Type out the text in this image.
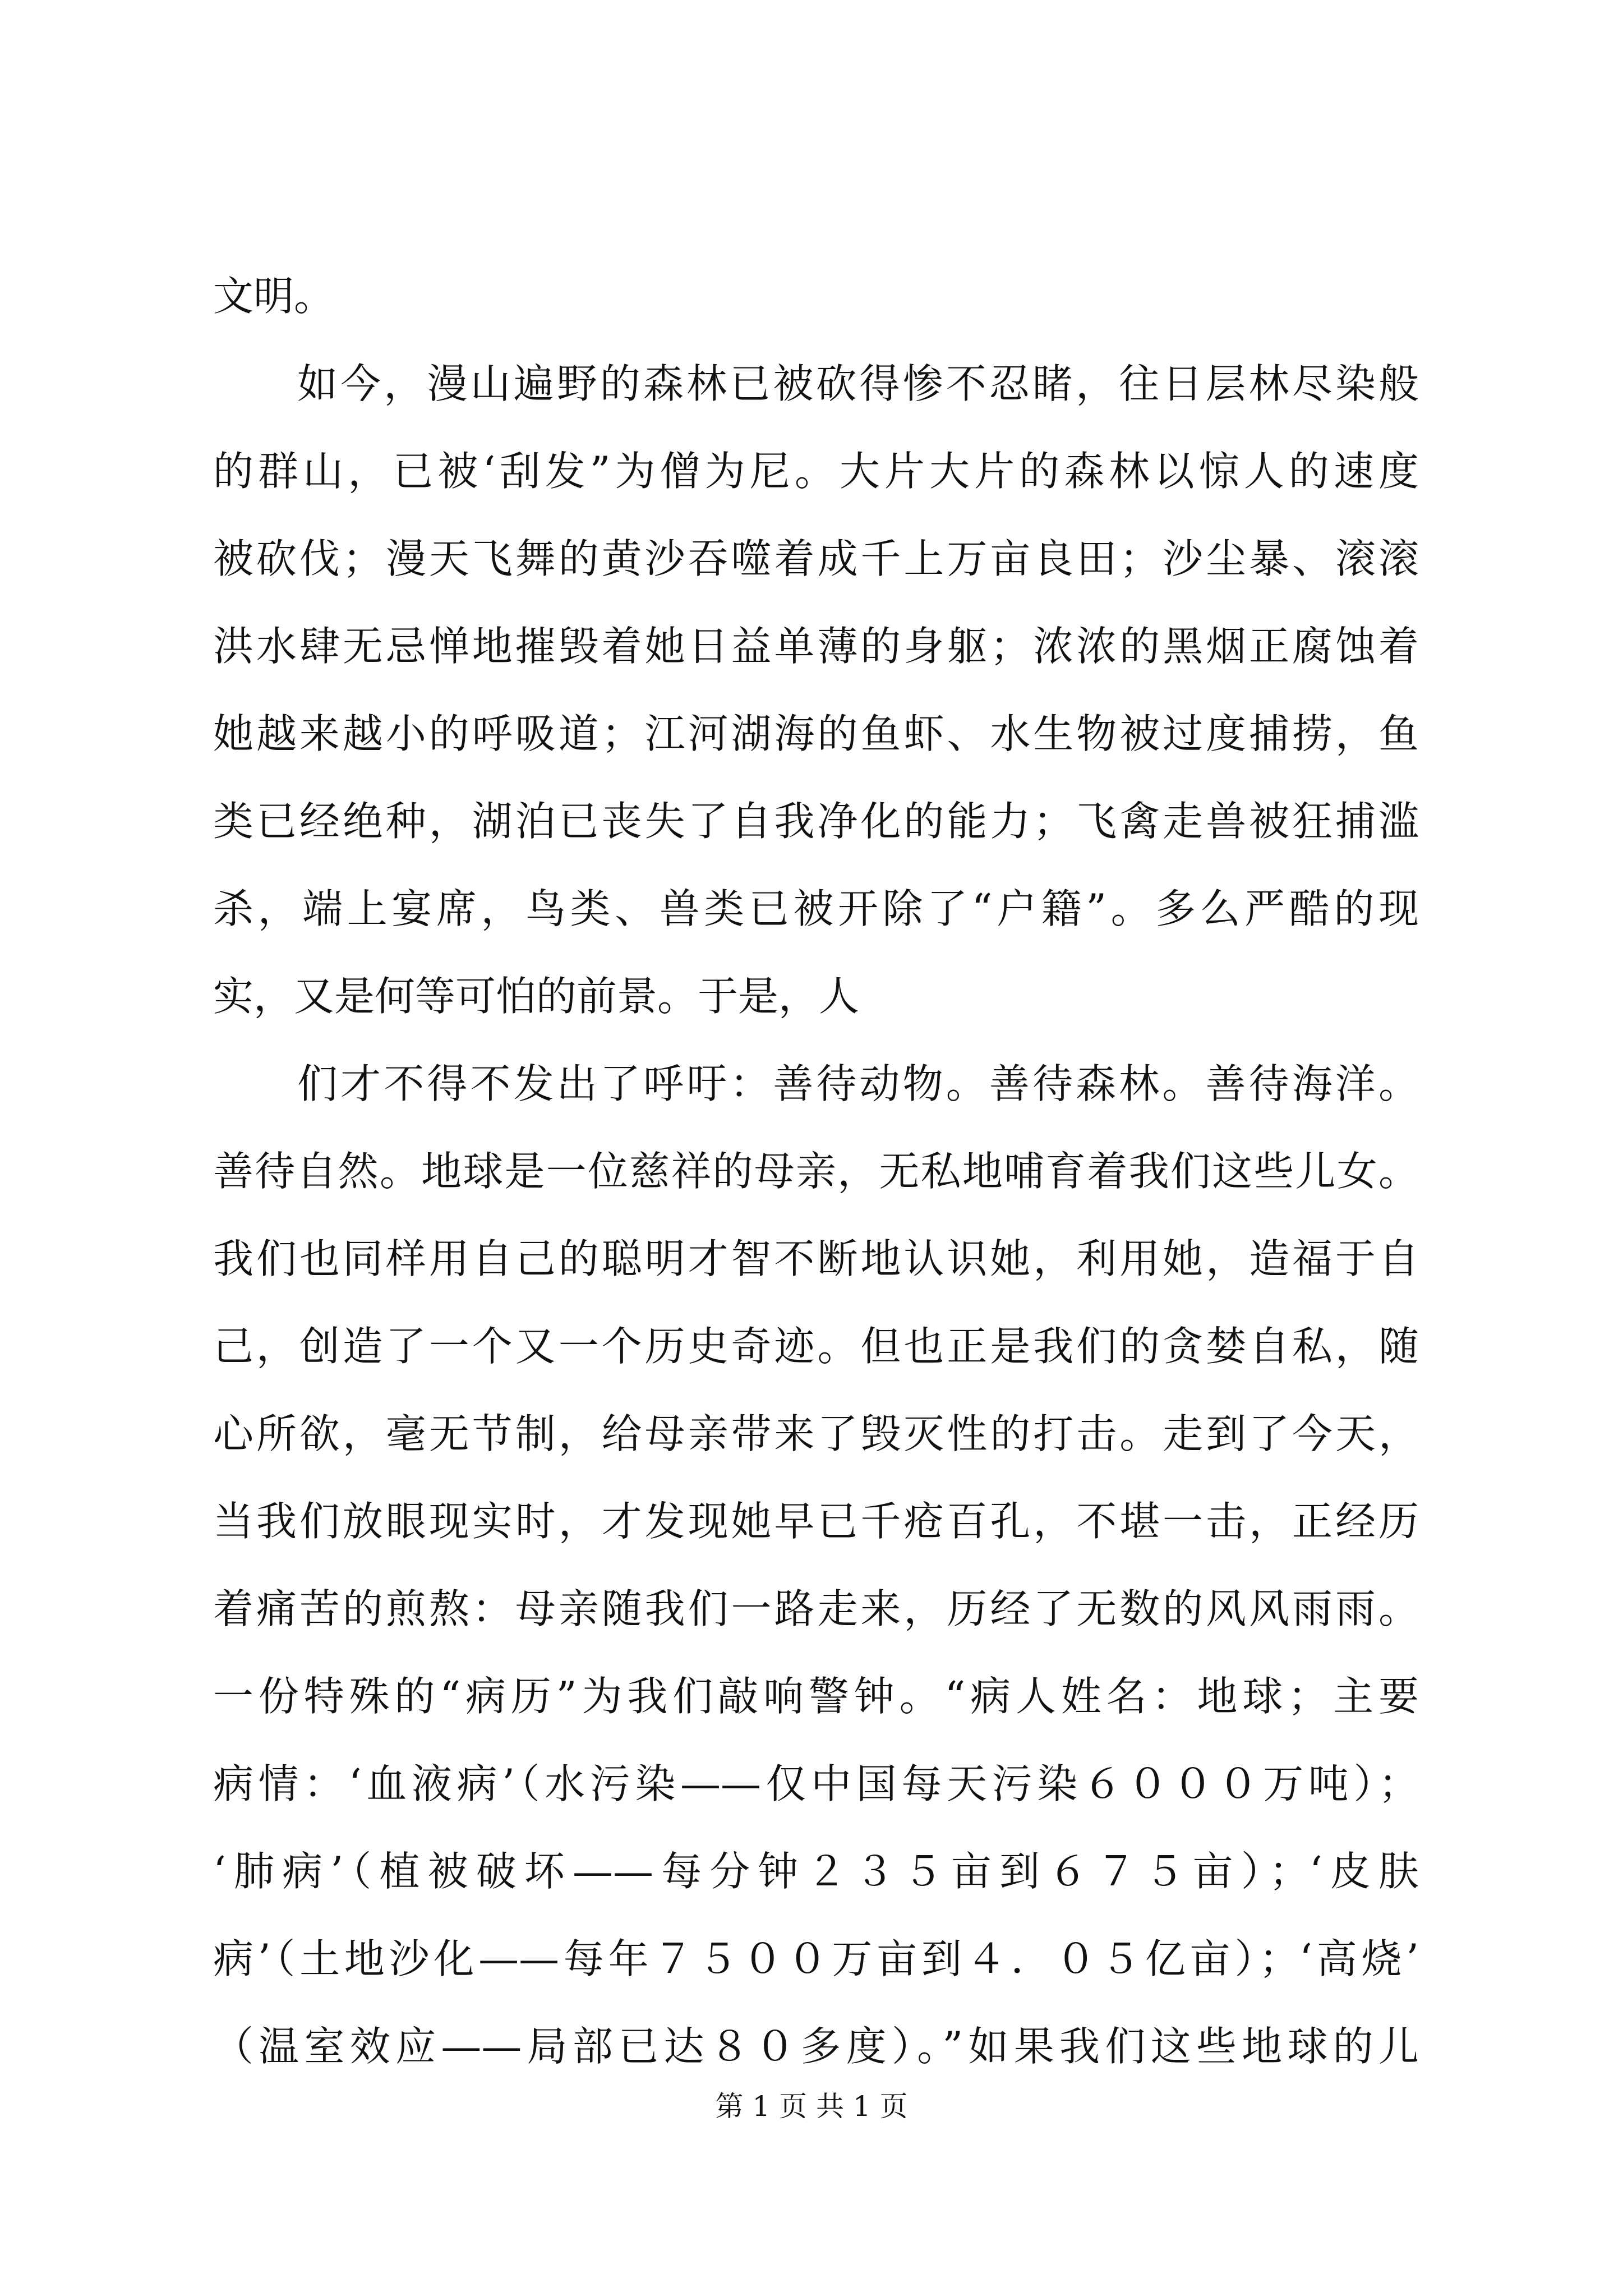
文明。
如今，漫山遍野的森林已被砍得惨不忍睹，往日层林尽染般
的群山，已被‘刮发”为僧为尼。大片大片的森林以惊人的速度
被砍伐；漫天飞舞的黄沙吞噬着成千上万亩良田；沙尘暴、滚滚
洪水肆无忌惮地摧毁着她日益单薄的身躯；浓浓的黑烟正腐蚀着
她越来越小的呼吸道；江河湖海的鱼虾、水生物被过度捕捞，鱼
类已经绝种，湖泊已丧失了自我净化的能力；飞禽走兽被狂捕滥
杀，端上宴席，鸟类、兽类已被开除了“户籍”。多么严酷的现
实，又是何等可怕的前景。于是，人
们才不得不发出了呼吁：善待动物。善待森林。善待海洋。
善待自然。地球是一位慈祥的母亲，无私地哺育着我们这些儿女。
我们也同样用自己的聪明才智不断地认识她，利用她，造福于自
己，创造了一个又一个历史奇迹。但也正是我们的贪婪自私，随
心所欲，毫无节制，给母亲带来了毁灭性的打击。走到了今天，
当我们放眼现实时，才发现她早已千疮百孔，不堪一击，正经历
着痛苦的煎熬：母亲随我们一路走来，历经了无数的风风雨雨。
一份特殊的“病历”为我们敲响警钟。“病人姓名：地球；主要
病情：‘血液病’（水污染——仅中国每天污染６０００万吨）；
‘肺病’（植被破坏——每分钟２３５亩到６７５亩）；‘皮肤
病’（土地沙化——每年７５００万亩到４．０５亿亩）；‘高烧’
（温室效应——局部已达８０多度）。”如果我们这些地球的儿
第 1 页 共 1 页
